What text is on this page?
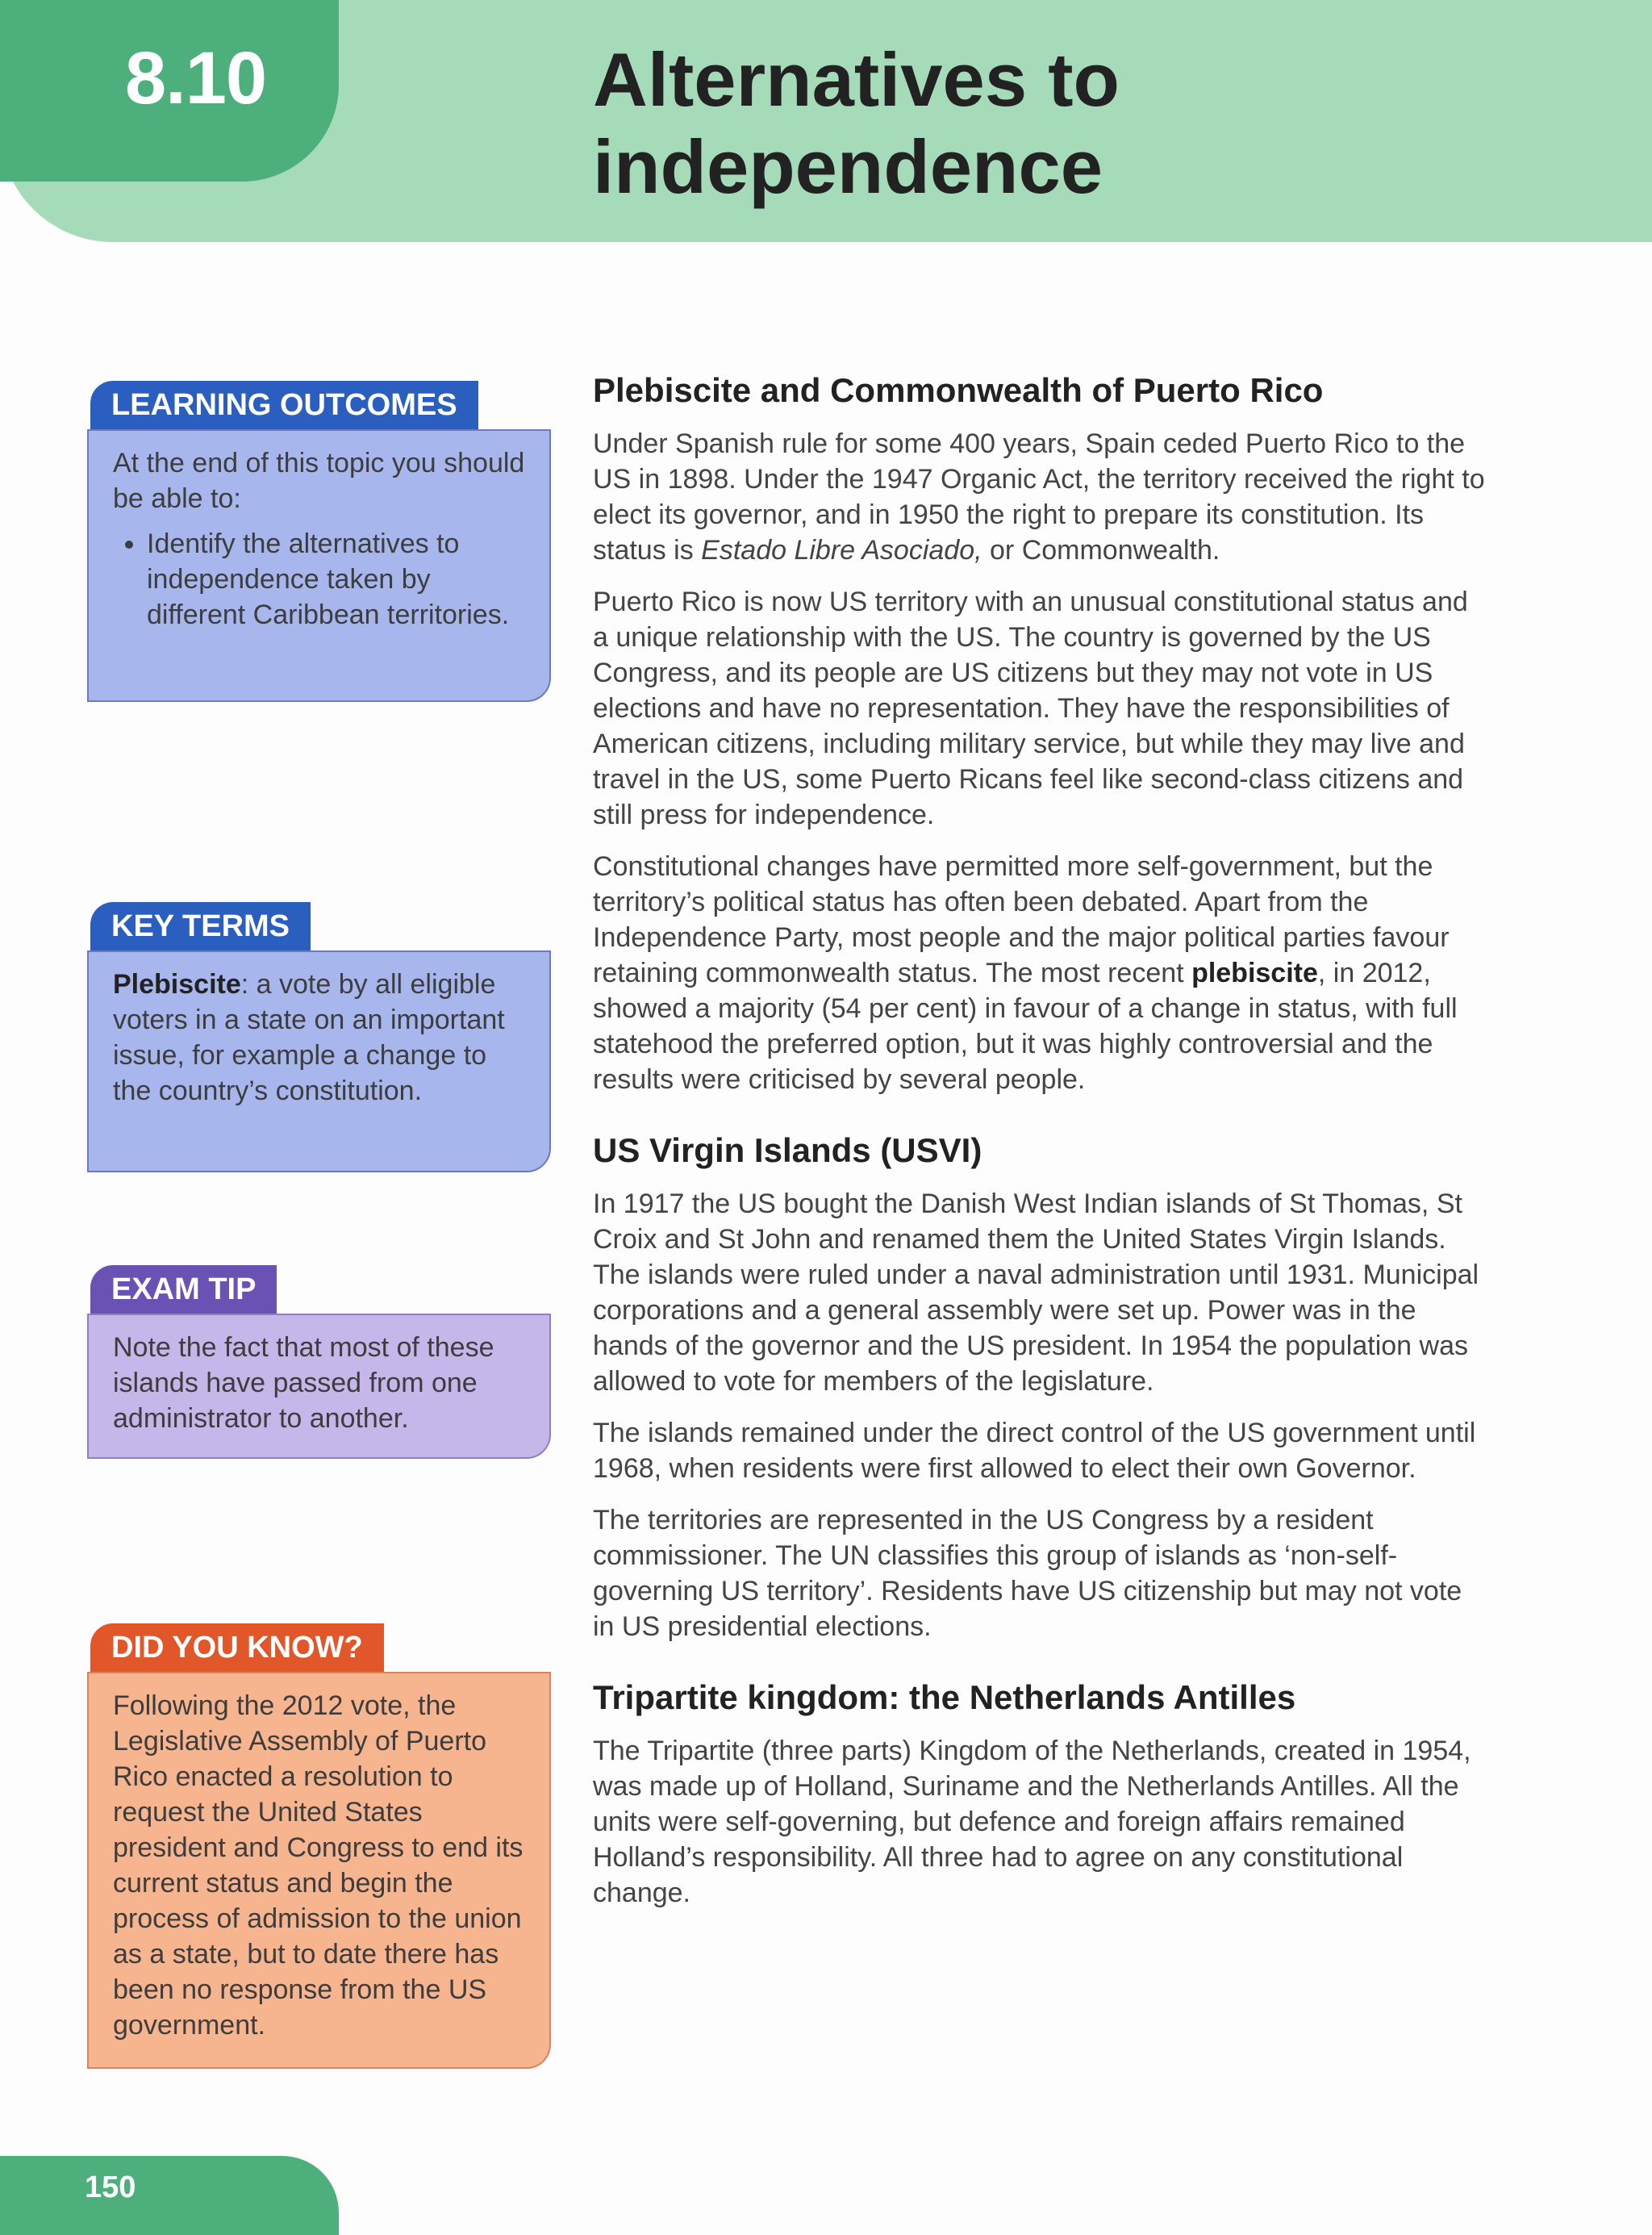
8.10	Alternatives to independence
LEARNING OUTCOMES
At the end of this topic you should be able to:
• Identify the alternatives to independence taken by different Caribbean territories.
KEY TERMS

Plebiscite: a vote by all eligible voters in a state on an important issue, for example a change to the country’s constitution.

EXAM TIP

Note the fact that most of these islands have passed from one administrator to another.

DID YOU KNOW?

Following the 2012 vote, the Legislative Assembly of Puerto Rico enacted a resolution to request the United States president and Congress to end its current status and begin the process of admission to the union as a state, but to date there has been no response from the US government.

Plebiscite and Commonwealth of Puerto Rico

Under Spanish rule for some 400 years, Spain ceded Puerto Rico to the US in 1898. Under the 1947 Organic Act, the territory received the right to elect its governor, and in 1950 the right to prepare its constitution. Its status is Estado Libre Asociado, or Commonwealth.

Puerto Rico is now US territory with an unusual constitutional status and a unique relationship with the US. The country is governed by the US Congress, and its people are US citizens but they may not vote in US elections and have no representation. They have the responsibilities of American citizens, including military service, but while they may live and travel in the US, some Puerto Ricans feel like second-class citizens and still press for independence.

Constitutional changes have permitted more self-government, but the territory’s political status has often been debated. Apart from the Independence Party, most people and the major political parties favour retaining commonwealth status. The most recent plebiscite, in 2012, showed a majority (54 per cent) in favour of a change in status, with full statehood the preferred option, but it was highly controversial and the results were criticised by several people.

US Virgin Islands (USVI)

In 1917 the US bought the Danish West Indian islands of St Thomas, St Croix and St John and renamed them the United States Virgin Islands. The islands were ruled under a naval administration until 1931. Municipal corporations and a general assembly were set up. Power was in the hands of the governor and the US president. In 1954 the population was allowed to vote for members of the legislature.

The islands remained under the direct control of the US government until 1968, when residents were first allowed to elect their own Governor.

The territories are represented in the US Congress by a resident commissioner. The UN classifies this group of islands as ‘non-self-governing US territory’. Residents have US citizenship but may not vote in US presidential elections.

Tripartite kingdom: the Netherlands Antilles

The Tripartite (three parts) Kingdom of the Netherlands, created in 1954, was made up of Holland, Suriname and the Netherlands Antilles. All the units were self-governing, but defence and foreign affairs remained Holland’s responsibility. All three had to agree on any constitutional change.

150
